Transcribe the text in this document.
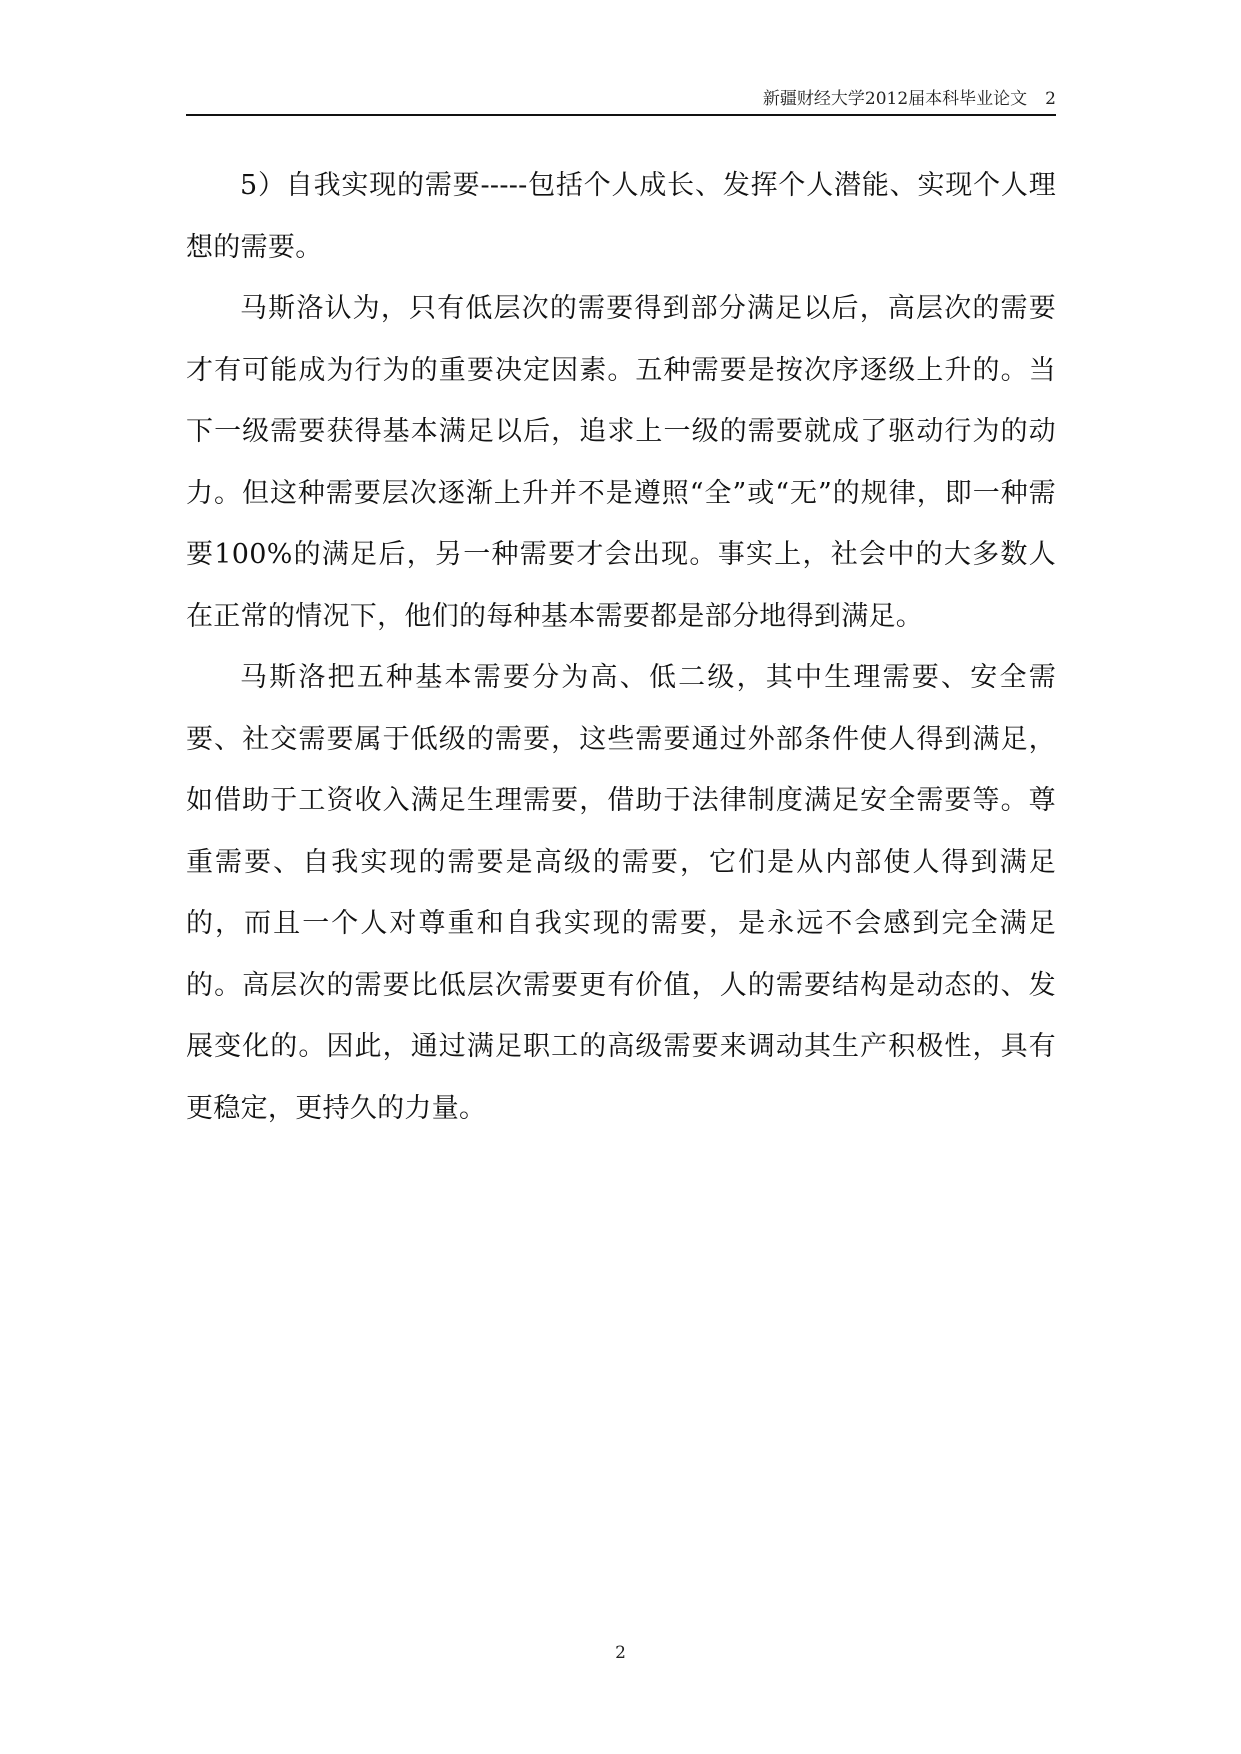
新疆财经大学2012届本科毕业论文 2

5）自我实现的需要-----包括个人成长、发挥个人潜能、实现个人理想的需要。

马斯洛认为，只有低层次的需要得到部分满足以后，高层次的需要才有可能成为行为的重要决定因素。五种需要是按次序逐级上升的。当下一级需要获得基本满足以后，追求上一级的需要就成了驱动行为的动力。但这种需要层次逐渐上升并不是遵照“全”或“无”的规律，即一种需要100%的满足后，另一种需要才会出现。事实上，社会中的大多数人在正常的情况下，他们的每种基本需要都是部分地得到满足。

马斯洛把五种基本需要分为高、低二级，其中生理需要、安全需要、社交需要属于低级的需要，这些需要通过外部条件使人得到满足，如借助于工资收入满足生理需要，借助于法律制度满足安全需要等。尊重需要、自我实现的需要是高级的需要，它们是从内部使人得到满足的，而且一个人对尊重和自我实现的需要，是永远不会感到完全满足的。高层次的需要比低层次需要更有价值，人的需要结构是动态的、发展变化的。因此，通过满足职工的高级需要来调动其生产积极性，具有更稳定，更持久的力量。

2
